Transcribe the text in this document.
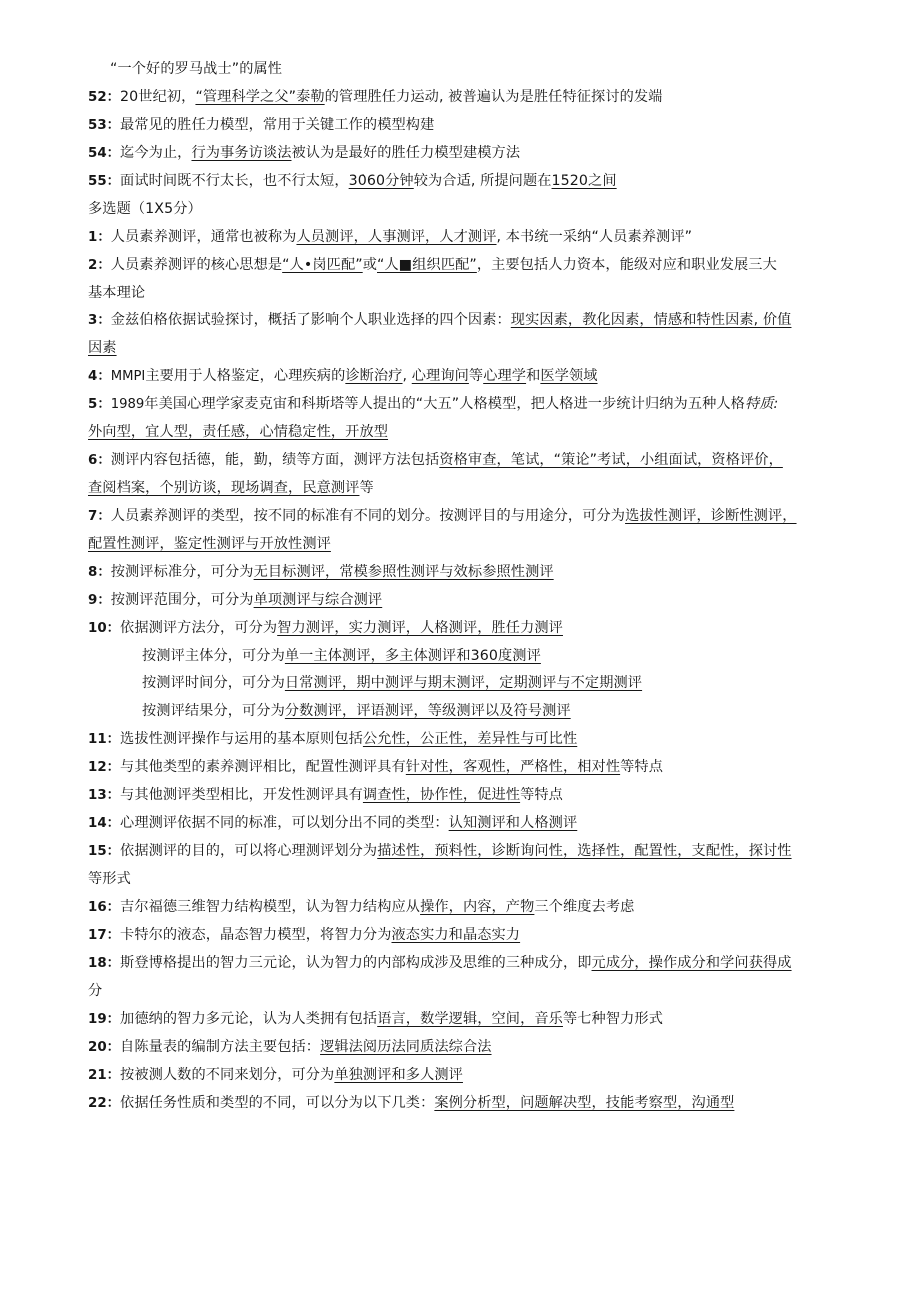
“一个好的罗马战士”的属性
52：20世纪初，“管理科学之父”泰勒的管理胜任力运动, 被普遍认为是胜任特征探讨的发端
53：最常见的胜任力模型，常用于关键工作的模型构建
54：迄今为止，行为事务访谈法被认为是最好的胜任力模型建模方法
55：面试时间既不行太长，也不行太短，30̇60分钟较为合适, 所提问题在15̇20之间
多选题（1X5分）
1：人员素养测评，通常也被称为人员测评，人事测评，人才测评, 本书统一采纳“人员素养测评”
2：人员素养测评的核心思想是“人•岗匹配”或“人■组织匹配”，主要包括人力资本，能级对应和职业发展三大
基本理论
3：金兹伯格依据试验探讨，概括了影响个人职业选择的四个因素：现实因素，教化因素，情感和特性因素, 价值
因素
4：MMPI主要用于人格鉴定，心理疾病的诊断治疗, 心理询问等心理学和医学领域
5：1989年美国心理学家麦克宙和科斯塔等人提出的“大五”人格模型，把人格进一步统计归纳为五种人格特质:
外向型，宜人型，责任感，心情稳定性，开放型
6：测评内容包括德，能，勤，绩等方面，测评方法包括资格审查，笔试，“策论”考试，小组面试，资格评价，
查阅档案，个别访谈，现场调查，民意测评等
7：人员素养测评的类型，按不同的标准有不同的划分。按测评目的与用途分，可分为选拔性测评，诊断性测评，
配置性测评，鉴定性测评与开放性测评
8：按测评标准分，可分为无目标测评，常模参照性测评与效标参照性测评
9：按测评范围分，可分为单项测评与综合测评
10：依据测评方法分，可分为智力测评，实力测评，人格测评，胜任力测评
按测评主体分，可分为单一主体测评，多主体测评和360度测评
按测评时间分，可分为日常测评，期中测评与期末测评，定期测评与不定期测评
按测评结果分，可分为分数测评，评语测评，等级测评以及符号测评
11：选拔性测评操作与运用的基本原则包括公允性，公正性，差异性与可比性
12：与其他类型的素养测评相比，配置性测评具有针对性，客观性，严格性，相对性等特点
13：与其他测评类型相比，开发性测评具有调查性，协作性，促进性等特点
14：心理测评依据不同的标准，可以划分出不同的类型：认知测评和人格测评
15：依据测评的目的，可以将心理测评划分为描述性，预料性，诊断询问性，选择性，配置性，支配性，探讨性
等形式
16：吉尔福德三维智力结构模型，认为智力结构应从操作，内容，产物三个维度去考虑
17：卡特尔的液态，晶态智力模型，将智力分为液态实力和晶态实力
18：斯登博格提出的智力三元论，认为智力的内部构成涉及思维的三种成分，即元成分，操作成分和学问获得成
分
19：加德纳的智力多元论，认为人类拥有包括语言，数学逻辑，空间，音乐等七种智力形式
20：自陈量表的编制方法主要包括：逻辑法阅历法同质法综合法
21：按被测人数的不同来划分，可分为单独测评和多人测评
22：依据任务性质和类型的不同，可以分为以下几类：案例分析型，问题解决型，技能考察型，沟通型
